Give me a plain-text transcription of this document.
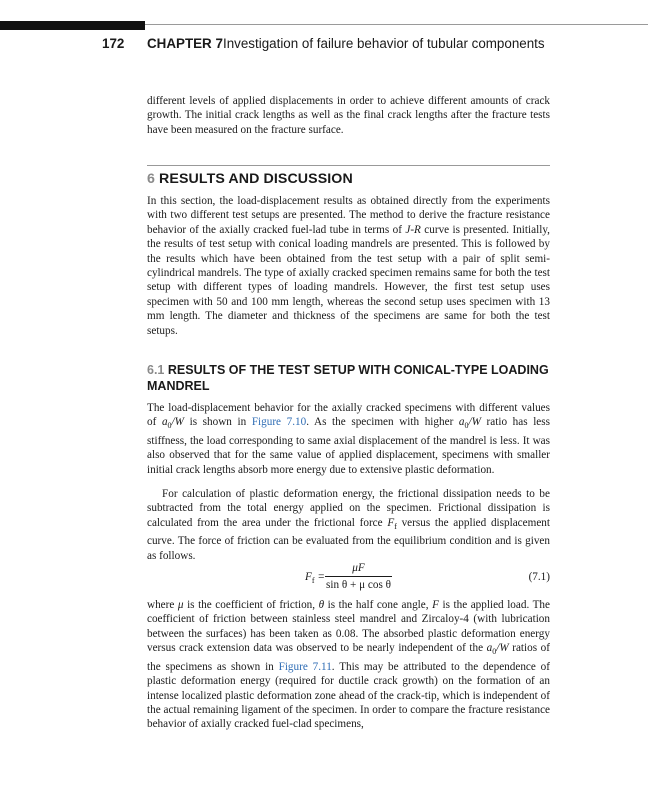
172 CHAPTER 7 Investigation of failure behavior of tubular components

different levels of applied displacements in order to achieve different amounts of crack growth. The initial crack lengths as well as the final crack lengths after the fracture tests have been measured on the fracture surface.

6 RESULTS AND DISCUSSION

In this section, the load-displacement results as obtained directly from the experiments with two different test setups are presented. The method to derive the fracture resistance behavior of the axially cracked fuel-lad tube in terms of J-R curve is presented. Initially, the results of test setup with conical loading mandrels are presented. This is followed by the results which have been obtained from the test setup with a pair of split semi-cylindrical mandrels. The type of axially cracked specimen remains same for both the test setup with different types of loading mandrels. However, the first test setup uses specimen with 50 and 100 mm length, whereas the second setup uses specimen with 13 mm length. The diameter and thickness of the specimens are same for both the test setups.

6.1 RESULTS OF THE TEST SETUP WITH CONICAL-TYPE LOADING MANDREL

The load-displacement behavior for the axially cracked specimens with different values of $a_0/W$ is shown in Figure 7.10. As the specimen with higher $a_0/W$ ratio has less stiffness, the load corresponding to same axial displacement of the mandrel is less. It was also observed that for the same value of applied displacement, specimens with smaller initial crack lengths absorb more energy due to extensive plastic deformation.

For calculation of plastic deformation energy, the frictional dissipation needs to be subtracted from the total energy applied on the specimen. Frictional dissipation is calculated from the area under the frictional force $F_f$ versus the applied displacement curve. The force of friction can be evaluated from the equilibrium condition and is given as follows.

$F_f$ =
μF
sin θ + μ cos θ
(7.1)

where μ is the coefficient of friction, θ is the half cone angle, F is the applied load. The coefficient of friction between stainless steel mandrel and Zircaloy-4 (with lubrication between the surfaces) has been taken as 0.08. The absorbed plastic deformation energy versus crack extension data was observed to be nearly independent of the $a_0/W$ ratios of the specimens as shown in Figure 7.11. This may be attributed to the dependence of plastic deformation energy (required for ductile crack growth) on the formation of an intense localized plastic deformation zone ahead of the crack-tip, which is independent of the actual remaining ligament of the specimen. In order to compare the fracture resistance behavior of axially cracked fuel-clad specimens,
